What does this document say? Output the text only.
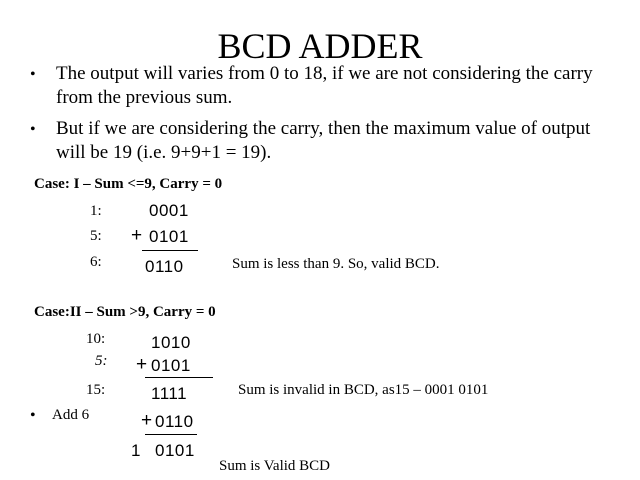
BCD ADDER
• The output will varies from 0 to 18, if we are not considering the carry from the previous sum.
• But if we are considering the carry, then the maximum value of output will be 19 (i.e. 9+9+1 = 19).
Case: I – Sum <=9, Carry = 0
1:	0001
5: + 0101
6:	0110	Sum is less than 9. So, valid BCD.
Case:II – Sum >9, Carry = 0
10:	1010
5: + 0101
15:	1111	Sum is invalid in BCD, as15 – 0001 0101
• Add 6	+ 0110
1 0101
Sum is Valid BCD
